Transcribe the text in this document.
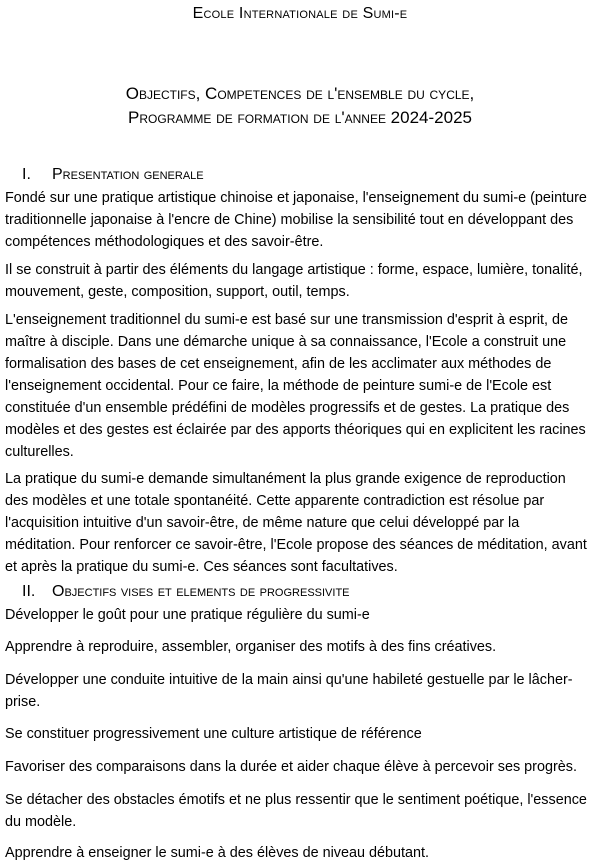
Ecole Internationale de Sumi-e
Objectifs, Competences de l'ensemble du cycle,
Programme de formation de l'annee 2024-2025
I. Presentation generale

Fondé sur une pratique artistique chinoise et japonaise, l'enseignement du sumi-e (peinture traditionnelle japonaise à l'encre de Chine) mobilise la sensibilité tout en développant des compétences méthodologiques et des savoir-être.

Il se construit à partir des éléments du langage artistique : forme, espace, lumière, tonalité, mouvement, geste, composition, support, outil, temps.

L'enseignement traditionnel du sumi-e est basé sur une transmission d'esprit à esprit, de maître à disciple. Dans une démarche unique à sa connaissance, l'Ecole a construit une formalisation des bases de cet enseignement, afin de les acclimater aux méthodes de l'enseignement occidental. Pour ce faire, la méthode de peinture sumi-e de l'Ecole est constituée d'un ensemble prédéfini de modèles progressifs et de gestes. La pratique des modèles et des gestes est éclairée par des apports théoriques qui en explicitent les racines culturelles.

La pratique du sumi-e demande simultanément la plus grande exigence de reproduction des modèles et une totale spontanéité. Cette apparente contradiction est résolue par l'acquisition intuitive d'un savoir-être, de même nature que celui développé par la méditation. Pour renforcer ce savoir-être, l'Ecole propose des séances de méditation, avant et après la pratique du sumi-e. Ces séances sont facultatives.

II. Objectifs vises et elements de progressivite

Développer le goût pour une pratique régulière du sumi-e

Apprendre à reproduire, assembler, organiser des motifs à des fins créatives.

Développer une conduite intuitive de la main ainsi qu'une habileté gestuelle par le lâcher-prise.

Se constituer progressivement une culture artistique de référence

Favoriser des comparaisons dans la durée et aider chaque élève à percevoir ses progrès.

Se détacher des obstacles émotifs et ne plus ressentir que le sentiment poétique, l'essence du modèle.

Apprendre à enseigner le sumi-e à des élèves de niveau débutant.
